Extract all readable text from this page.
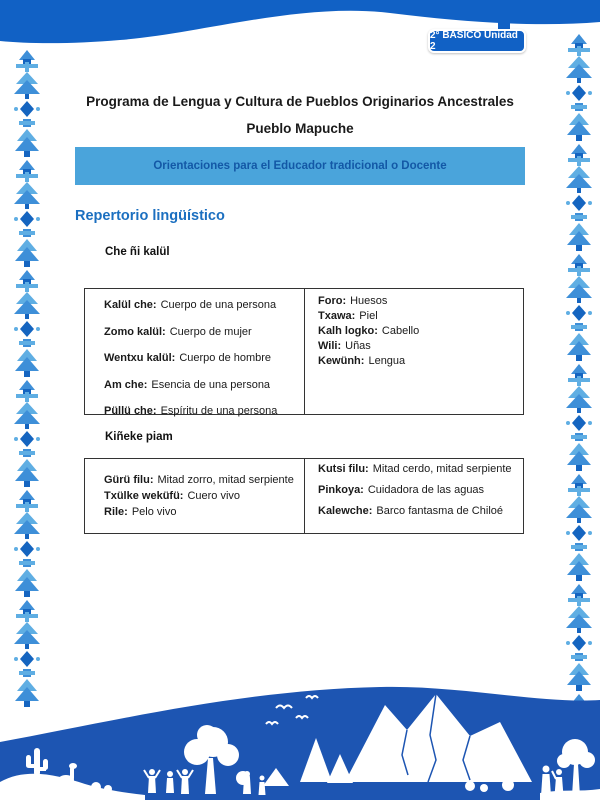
2° BÁSICO Unidad 2
Programa de Lengua y Cultura de Pueblos Originarios Ancestrales
Pueblo Mapuche
Orientaciones para el Educador tradicional o Docente
Repertorio lingüístico
Che ñi kalül
Kalül che: Cuerpo de una persona
Zomo kalül: Cuerpo de mujer
Wentxu kalül: Cuerpo de hombre
Am che: Esencia de una persona
Püllü che: Espíritu de una persona
Foro: Huesos
Txawa: Piel
Kalh logko: Cabello
Wili: Uñas
Kewünh: Lengua
Kiñeke piam
Gürü filu: Mitad zorro, mitad serpiente
Txülke weküfü: Cuero vivo
Rile: Pelo vivo
Kutsi filu: Mitad cerdo, mitad serpiente
Pinkoya: Cuidadora de las aguas
Kalewche: Barco fantasma de Chiloé
